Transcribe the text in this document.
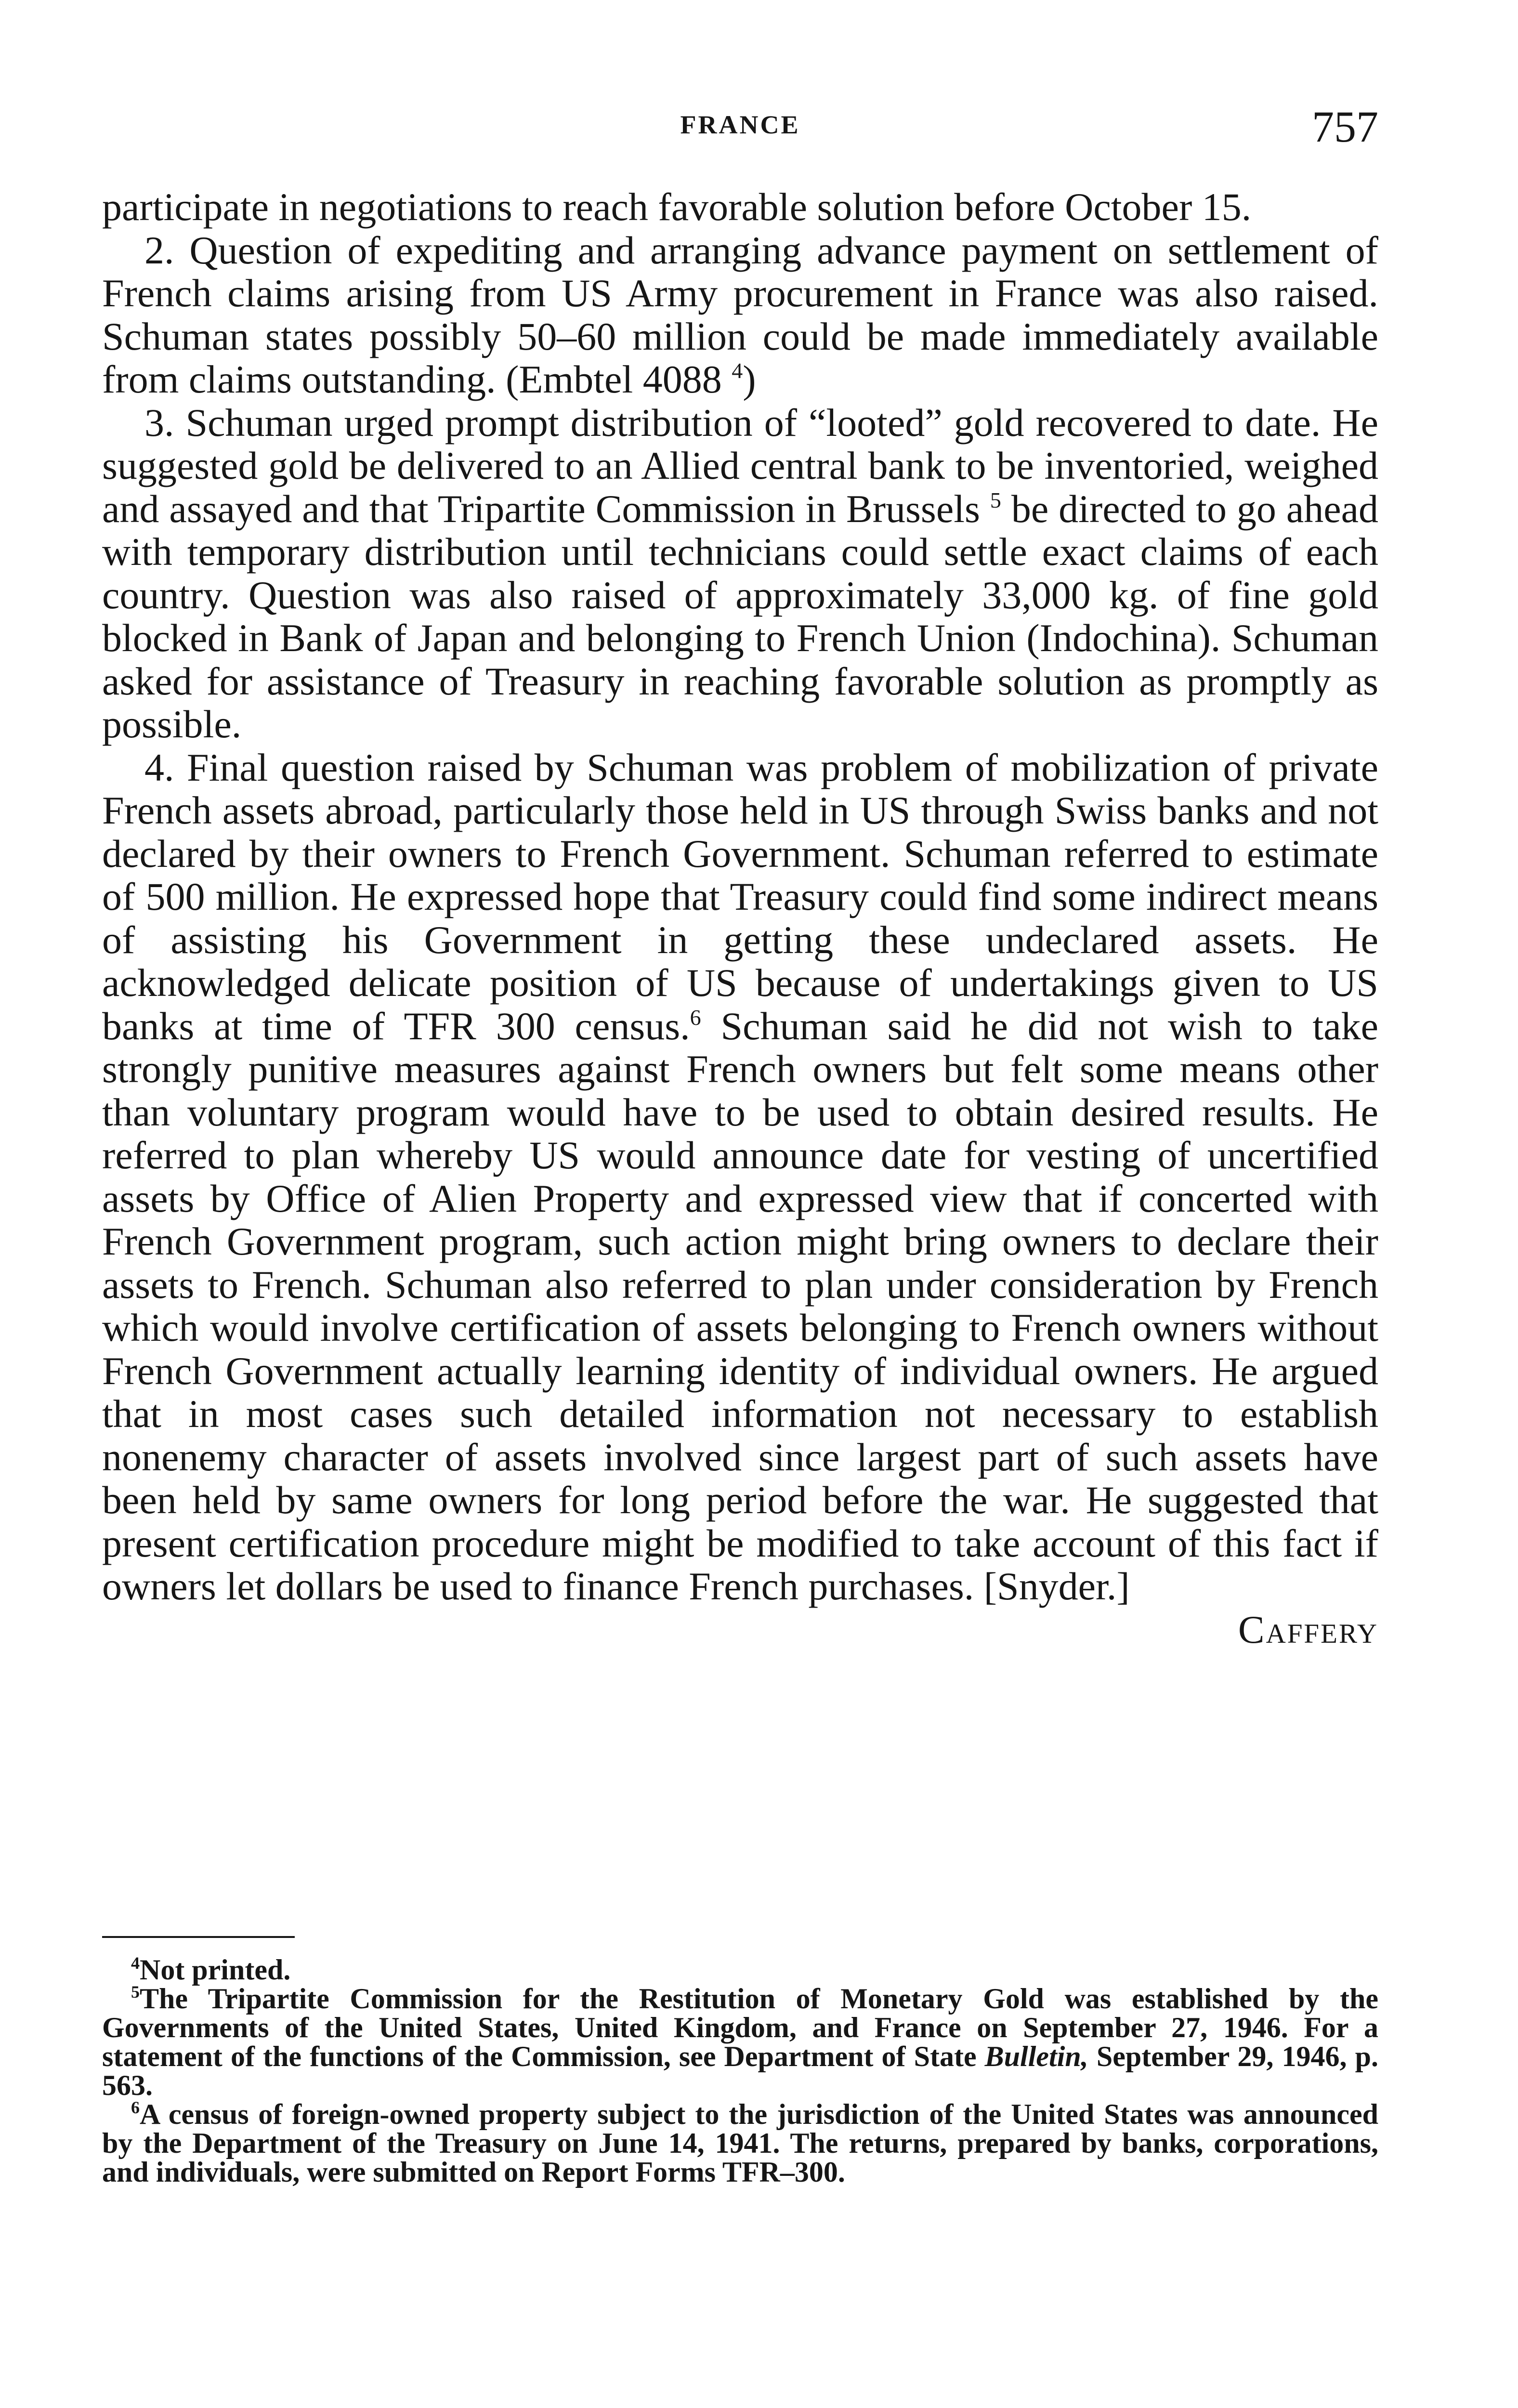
FRANCE	757

participate in negotiations to reach favorable solution before October 15.

2. Question of expediting and arranging advance payment on settlement of French claims arising from US Army procurement in France was also raised. Schuman states possibly 50–60 million could be made immediately available from claims outstanding. (Embtel 4088 $^4$)

3. Schuman urged prompt distribution of “looted” gold recovered to date. He suggested gold be delivered to an Allied central bank to be inventoried, weighed and assayed and that Tripartite Commission in Brussels $^5$ be directed to go ahead with temporary distribution until technicians could settle exact claims of each country. Question was also raised of approximately 33,000 kg. of fine gold blocked in Bank of Japan and belonging to French Union (Indochina). Schuman asked for assistance of Treasury in reaching favorable solution as promptly as possible.

4. Final question raised by Schuman was problem of mobilization of private French assets abroad, particularly those held in US through Swiss banks and not declared by their owners to French Government. Schuman referred to estimate of 500 million. He expressed hope that Treasury could find some indirect means of assisting his Government in getting these undeclared assets. He acknowledged delicate position of US because of undertakings given to US banks at time of TFR 300 census.$^6$ Schuman said he did not wish to take strongly punitive measures against French owners but felt some means other than voluntary program would have to be used to obtain desired results. He referred to plan whereby US would announce date for vesting of uncertified assets by Office of Alien Property and expressed view that if concerted with French Government program, such action might bring owners to declare their assets to French. Schuman also referred to plan under consideration by French which would involve certification of assets belonging to French owners without French Government actually learning identity of individual owners. He argued that in most cases such detailed information not necessary to establish nonenemy character of assets involved since largest part of such assets have been held by same owners for long period before the war. He suggested that present certification procedure might be modified to take account of this fact if owners let dollars be used to finance French purchases. [Snyder.]

Caffery

$^4$Not printed.

$^5$The Tripartite Commission for the Restitution of Monetary Gold was established by the Governments of the United States, United Kingdom, and France on September 27, 1946. For a statement of the functions of the Commission, see Department of State Bulletin, September 29, 1946, p. 563.

$^6$A census of foreign-owned property subject to the jurisdiction of the United States was announced by the Department of the Treasury on June 14, 1941. The returns, prepared by banks, corporations, and individuals, were submitted on Report Forms TFR–300.
